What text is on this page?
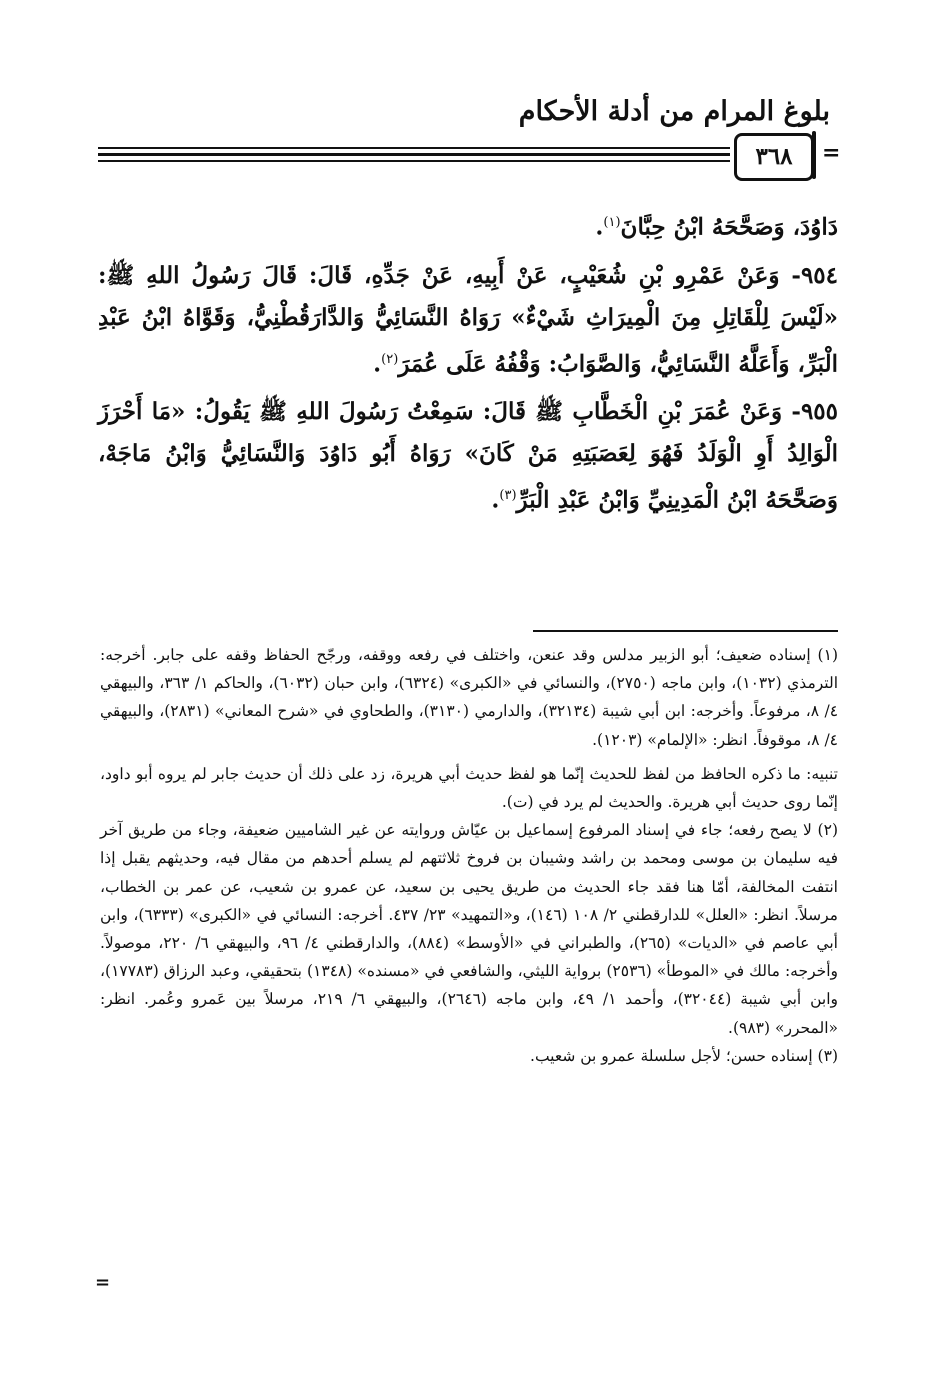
بلوغ المرام من أدلة الأحكام
٣٦٨	=

دَاوُدَ، وَصَحَّحَهُ ابْنُ حِبَّانَ$^{(١)}$.

٩٥٤- وَعَنْ عَمْرِو بْنِ شُعَيْبٍ، عَنْ أَبِيهِ، عَنْ جَدِّهِ، قَالَ: قَالَ رَسُولُ اللهِ ﷺ: «لَيْسَ لِلْقَاتِلِ مِنَ الْمِيرَاثِ شَيْءٌ» رَوَاهُ النَّسَائِيُّ وَالدَّارَقُطْنِيُّ، وَقَوَّاهُ ابْنُ عَبْدِ الْبَرِّ، وَأَعَلَّهُ النَّسَائِيُّ، وَالصَّوَابُ: وَقْفُهُ عَلَى عُمَرَ$^{(٢)}$.

٩٥٥- وَعَنْ عُمَرَ بْنِ الْخَطَّابِ ﷺ قَالَ: سَمِعْتُ رَسُولَ اللهِ ﷺ يَقُولُ: «مَا أَحْرَزَ الْوَالِدُ أَوِ الْوَلَدُ فَهُوَ لِعَصَبَتِهِ مَنْ كَانَ» رَوَاهُ أَبُو دَاوُدَ وَالنَّسَائِيُّ وَابْنُ مَاجَهْ، وَصَحَّحَهُ ابْنُ الْمَدِينِيِّ وَابْنُ عَبْدِ الْبَرِّ$^{(٣)}$.

(١) إسناده ضعيف؛ أبو الزبير مدلس وقد عنعن، واختلف في رفعه ووقفه، ورجّح الحفاظ وقفه على جابر. أخرجه: الترمذي (١٠٣٢)، وابن ماجه (٢٧٥٠)، والنسائي في «الكبرى» (٦٣٢٤)، وابن حبان (٦٠٣٢)، والحاكم ١/ ٣٦٣، والبيهقي ٤/ ٨، مرفوعاً. وأخرجه: ابن أبي شيبة (٣٢١٣٤)، والدارمي (٣١٣٠)، والطحاوي في «شرح المعاني» (٢٨٣١)، والبيهقي ٤/ ٨، موقوفاً. انظر: «الإلمام» (١٢٠٣).

تنبيه: ما ذكره الحافظ من لفظ للحديث إنّما هو لفظ حديث أبي هريرة، زد على ذلك أن حديث جابر لم يروه أبو داود، إنّما روى حديث أبي هريرة. والحديث لم يرد في (ت).

(٢) لا يصح رفعه؛ جاء في إسناد المرفوع إسماعيل بن عيّاش وروايته عن غير الشاميين ضعيفة، وجاء من طريق آخر فيه سليمان بن موسى ومحمد بن راشد وشيبان بن فروخ ثلاثتهم لم يسلم أحدهم من مقال فيه، وحديثهم يقبل إذا انتفت المخالفة، أمّا هنا فقد جاء الحديث من طريق يحيى بن سعيد، عن عمرو بن شعيب، عن عمر بن الخطاب، مرسلاً. انظر: «العلل» للدارقطني ٢/ ١٠٨ (١٤٦)، و«التمهيد» ٢٣/ ٤٣٧. أخرجه: النسائي في «الكبرى» (٦٣٣٣)، وابن أبي عاصم في «الديات» (٢٦٥)، والطبراني في «الأوسط» (٨٨٤)، والدارقطني ٤/ ٩٦، والبيهقي ٦/ ٢٢٠، موصولاً. وأخرجه: مالك في «الموطأ» (٢٥٣٦) برواية الليثي، والشافعي في «مسنده» (١٣٤٨) بتحقيقي، وعبد الرزاق (١٧٧٨٣)، وابن أبي شيبة (٣٢٠٤٤)، وأحمد ١/ ٤٩، وابن ماجه (٢٦٤٦)، والبيهقي ٦/ ٢١٩، مرسلاً بين عَمرو وعُمر. انظر: «المحرر» (٩٨٣).

(٣) إسناده حسن؛ لأجل سلسلة عمرو بن شعيب.

=
